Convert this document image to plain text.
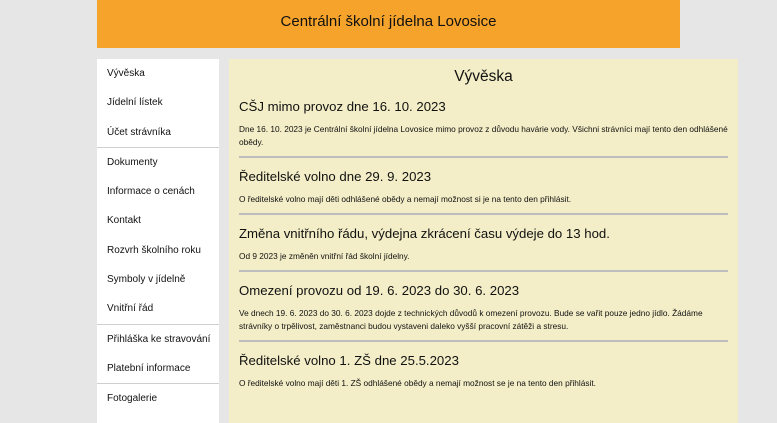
Centrální školní jídelna Lovosice
Vývěska
Jídelní lístek
Účet strávníka
Dokumenty
Informace o cenách
Kontakt
Rozvrh školního roku
Symboly v jídelně
Vnitřní řád
Přihláška ke stravování
Platební informace
Fotogalerie
Vývěska
CŠJ mimo provoz dne 16. 10. 2023
Dne 16. 10. 2023 je Centrální školní jídelna Lovosice mimo provoz z důvodu havárie vody. Všichni strávníci mají tento den odhlášené obědy.
Ředitelské volno dne 29. 9. 2023
O ředitelské volno mají děti odhlášené obědy a nemají možnost si je na tento den přihlásit.
Změna vnitřního řádu, výdejna zkrácení času výdeje do 13 hod.
Od 9 2023 je změněn vnitřní řád školní jídelny.
Omezení provozu od 19. 6. 2023 do 30. 6. 2023
Ve dnech 19. 6. 2023 do 30. 6. 2023 dojde z technických důvodů k omezení provozu. Bude se vařit pouze jedno jídlo. Žádáme strávníky o trpělivost, zaměstnanci budou vystaveni daleko vyšší pracovní zátěži a stresu.
Ředitelské volno 1. ZŠ dne 25.5.2023
O ředitelské volno mají děti 1. ZŠ odhlášené obědy a nemají možnost se je na tento den přihlásit.
